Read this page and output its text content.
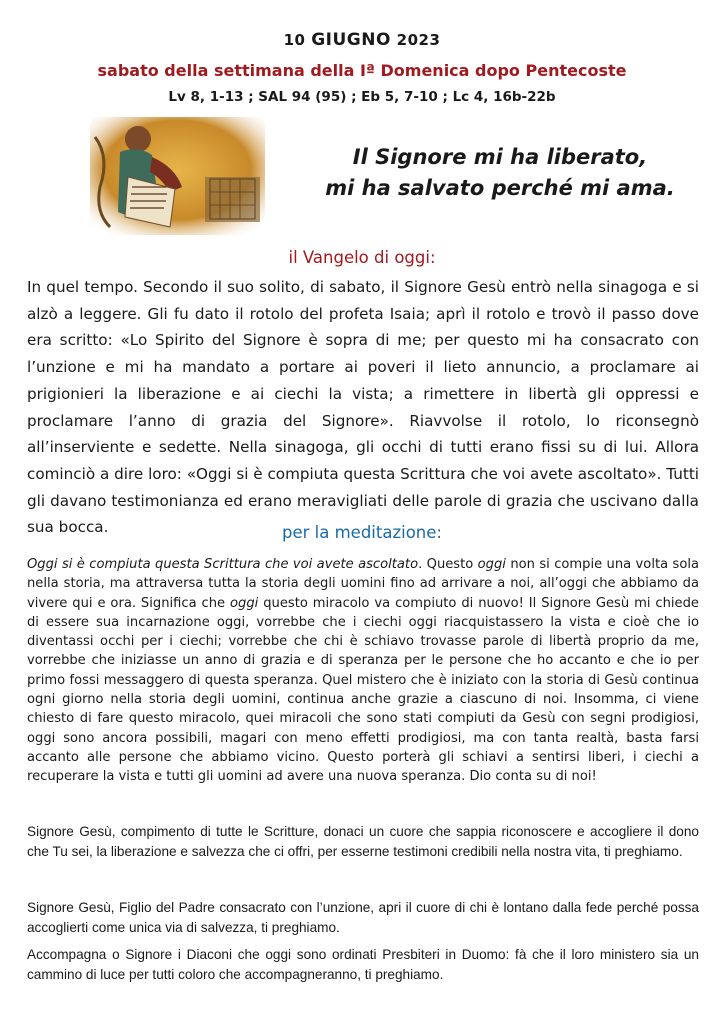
10 GIUGNO 2023
sabato della settimana della Iª Domenica dopo Pentecoste
Lv 8, 1-13 ; SAL 94 (95) ; Eb 5, 7-10 ; Lc 4, 16b-22b
Il Signore mi ha liberato,
mi ha salvato perché mi ama.
il Vangelo di oggi:

In quel tempo. Secondo il suo solito, di sabato, il Signore Gesù entrò nella sinagoga e si alzò a leggere. Gli fu dato il rotolo del profeta Isaia; aprì il rotolo e trovò il passo dove era scritto: «Lo Spirito del Signore è sopra di me; per questo mi ha consacrato con l’unzione e mi ha mandato a portare ai poveri il lieto annuncio, a proclamare ai prigionieri la liberazione e ai ciechi la vista; a rimettere in libertà gli oppressi e proclamare l’anno di grazia del Signore». Riavvolse il rotolo, lo riconsegnò all’inserviente e sedette. Nella sinagoga, gli occhi di tutti erano fissi su di lui. Allora cominciò a dire loro: «Oggi si è compiuta questa Scrittura che voi avete ascoltato». Tutti gli davano testimonianza ed erano meravigliati delle parole di grazia che uscivano dalla sua bocca.	per la meditazione:

Oggi si è compiuta questa Scrittura che voi avete ascoltato. Questo oggi non si compie una volta sola nella storia, ma attraversa tutta la storia degli uomini fino ad arrivare a noi, all’oggi che abbiamo da vivere qui e ora. Significa che oggi questo miracolo va compiuto di nuovo! Il Signore Gesù mi chiede di essere sua incarnazione oggi, vorrebbe che i ciechi oggi riacquistassero la vista e cioè che io diventassi occhi per i ciechi; vorrebbe che chi è schiavo trovasse parole di libertà proprio da me, vorrebbe che iniziasse un anno di grazia e di speranza per le persone che ho accanto e che io per primo fossi messaggero di questa speranza. Quel mistero che è iniziato con la storia di Gesù continua ogni giorno nella storia degli uomini, continua anche grazie a ciascuno di noi. Insomma, ci viene chiesto di fare questo miracolo, quei miracoli che sono stati compiuti da Gesù con segni prodigiosi, oggi sono ancora possibili, magari con meno effetti prodigiosi, ma con tanta realtà, basta farsi accanto alle persone che abbiamo vicino. Questo porterà gli schiavi a sentirsi liberi, i ciechi a recuperare la vista e tutti gli uomini ad avere una nuova speranza. Dio conta su di noi!

Signore Gesù, compimento di tutte le Scritture, donaci un cuore che sappia riconoscere e accogliere il dono che Tu sei, la liberazione e salvezza che ci offri, per esserne testimoni credibili nella nostra vita, ti preghiamo.

Signore Gesù, Figlio del Padre consacrato con l’unzione, apri il cuore di chi è lontano dalla fede perché possa accoglierti come unica via di salvezza, ti preghiamo.

Accompagna o Signore i Diaconi che oggi sono ordinati Presbiteri in Duomo: fà che il loro ministero sia un cammino di luce per tutti coloro che accompagneranno, ti preghiamo.
